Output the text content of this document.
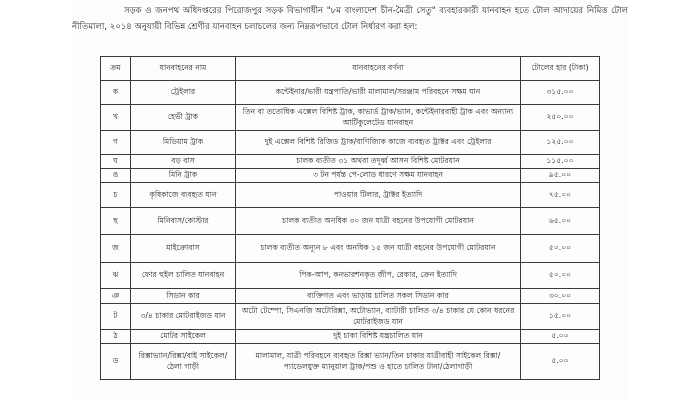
সড়ক ও জনপথ অধিদপ্তরের পিরোজপুর সড়ক বিভাগাধীন "৮ম বাংলাদেশ চীন-মৈত্রী সেতু" ব্যবহারকারী যানবাহন হতে টোল আদায়ের নিমিত্ত টোল নীতিমালা, ২০১৪ অনুযায়ী বিভিন্ন শ্রেণীর যানবাহন চলাচলের জন্য নিম্নরূপভাবে টোল নির্ধারণ করা হল:

ক্রম	যানবাহনের নাম	যানবাহনের বর্ণনা	টোলের হার (টাকা)
ক	ট্রেইলার	কন্টেইনার/ভারী যন্ত্রপাতি/ভারী মালামাল/সরঞ্জাম পরিবহনে সক্ষম যান	৩১৫.০০
খ	হেভী ট্রাক	তিন বা ততোধিক এক্সেল বিশিষ্ট ট্রাক, কাভার্ড ট্রাক/ভ্যান, কন্টেইনারবাহী ট্রাক এবং অন্যান্য আর্টিকুলেটেড যানবাহন	২৫০.০০
গ	মিডিয়াম ট্রাক	দুই এক্সেল বিশিষ্ট রিজিড ট্রাক/বাণিজ্যিক কাজে ব্যবহৃত ট্রাক্টর এবং ট্রেইলার	১২৫.০০
ঘ	বড় বাস	চালক ব্যতীত ৩১ অথবা তদূর্ধ্ব আসন বিশিষ্ট মোটরযান	১১৫.০০
ঙ	মিনি ট্রাক	৩ টন পর্যন্ত পে-লোড ধারণে সক্ষম যানবাহন	৯৫.০০
চ	কৃষিকাজে ব্যবহৃত যান	পাওয়ার টিলার, ট্রাক্টর ইত্যাদি	৭৫.০০
ছ	মিনিবাস/কোস্টার	চালক ব্যতীত অনধিক ৩০ জন যাত্রী বহনের উপযোগী মোটরযান	৬৫.০০
জ	মাইক্রোবাস	চালক ব্যতীত অন্যূন ৮ এবং অনধিক ১৫ জন যাত্রী বহনের উপযোগী মোটরযান	৫০.০০
ঝ	ফোর হুইল চালিত যানবাহন	পিক-আপ, কনভারশনকৃত জীপ, রেকার, ক্রেন ইত্যাদি	৫০.০০
ঞ	সিডান কার	ব্যক্তিগত এবং ভাড়ায় চালিত সকল সিডান কার	৩০.০০
ট	৩/৪ চাকার মোটরাইজড যান	অটো টেম্পো, সিএনজি অটোরিক্সা, অটোভ্যান, ব্যাটারী চালিত ৩/৪ চাকার যে কোন ধরনের মোটরাইজড যান	১৫.০০
ঠ	মোটর সাইকেল	দুই চাকা বিশিষ্ট যন্ত্রচালিত যান	৫.০০
ড	রিক্সাভ্যান/রিক্সা/বাই সাইকেল/ঠেলা গাড়ী	মালামাল, যাত্রী পরিবহনে ব্যবহৃত রিক্সা ভ্যান/তিন চাকার যাত্রীবাহী সাইকেল রিক্সা/প্যাডেলযুক্ত ম্যানুয়াল ট্রাক/পশু ও হাতে চালিত টানা/ঠেলাগাড়ী	৫.০০
